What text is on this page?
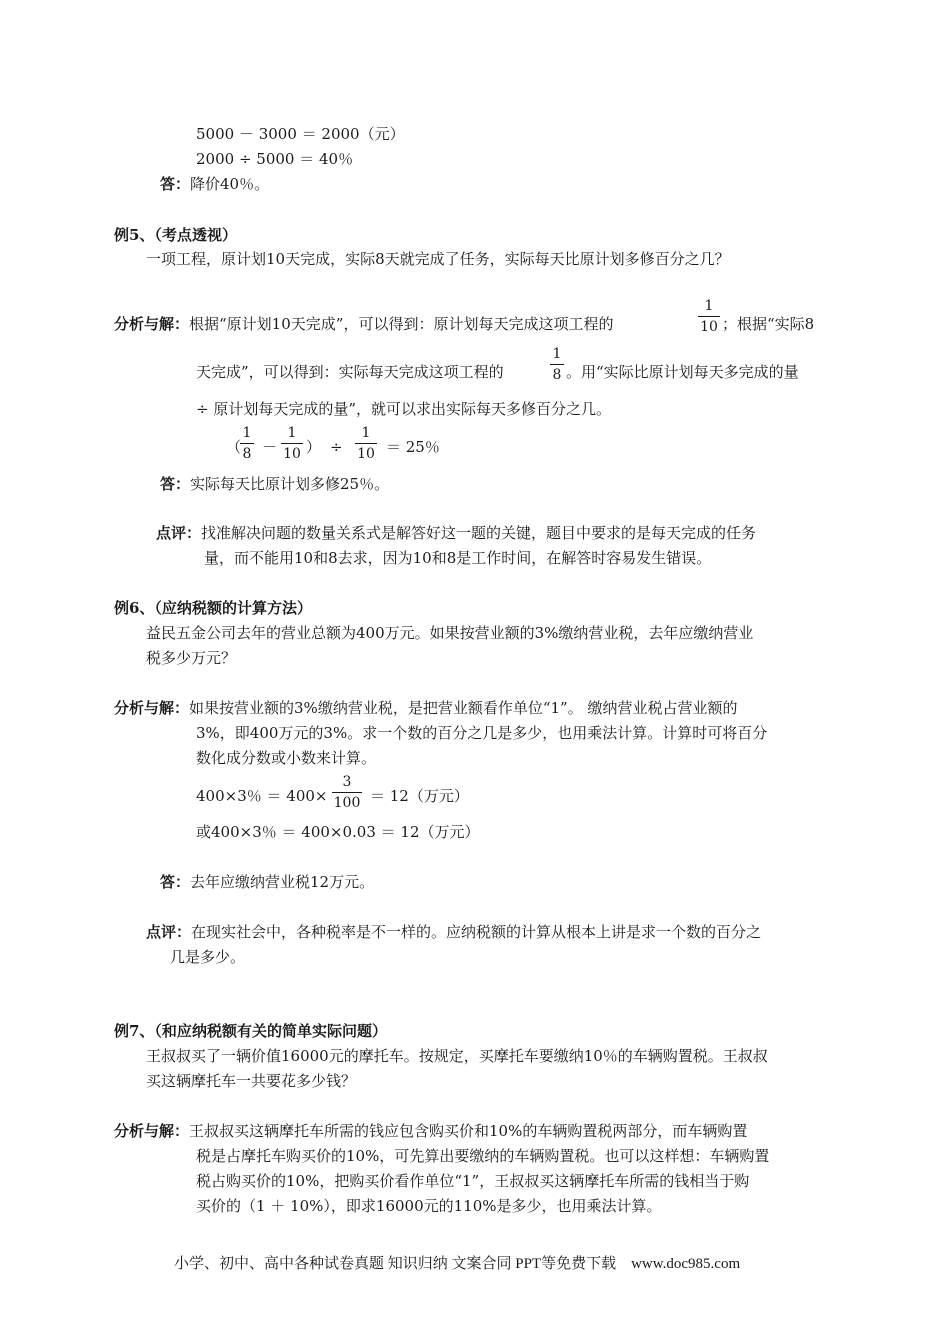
5000 － 3000 ＝ 2000（元）
2000 ÷ 5000 ＝ 40％
答：降价40％。
例5、（考点透视）
一项工程，原计划10天完成，实际8天就完成了任务，实际每天比原计划多修百分之几？
分析与解：根据“原计划10天完成”，可以得到：原计划每天完成这项工程的
1
10 ；根据“实际8
天完成”，可以得到：实际每天完成这项工程的
1
8 。用“实际比原计划每天多完成的量
÷ 原计划每天完成的量”，就可以求出实际每天多修百分之几。
（
1
8 －
1
10 ） ÷
1
10 ＝ 25％
答：实际每天比原计划多修25％。
点评：找准解决问题的数量关系式是解答好这一题的关键，题目中要求的是每天完成的任务
量，而不能用10和8去求，因为10和8是工作时间，在解答时容易发生错误。
例6、（应纳税额的计算方法）
益民五金公司去年的营业总额为400万元。如果按营业额的3%缴纳营业税，去年应缴纳营业
税多少万元？
分析与解：如果按营业额的3%缴纳营业税，是把营业额看作单位“1”。 缴纳营业税占营业额的
3%，即400万元的3%。求一个数的百分之几是多少，也用乘法计算。计算时可将百分
数化成分数或小数来计算。
400×3％ ＝ 400×
3
100 ＝ 12（万元）
或400×3％ ＝ 400×0.03 ＝ 12（万元）
答：去年应缴纳营业税12万元。
点评：在现实社会中，各种税率是不一样的。应纳税额的计算从根本上讲是求一个数的百分之
几是多少。
例7、（和应纳税额有关的简单实际问题）
王叔叔买了一辆价值16000元的摩托车。按规定，买摩托车要缴纳10％的车辆购置税。王叔叔
买这辆摩托车一共要花多少钱？
分析与解：王叔叔买这辆摩托车所需的钱应包含购买价和10%的车辆购置税两部分，而车辆购置
税是占摩托车购买价的10%，可先算出要缴纳的车辆购置税。也可以这样想：车辆购置
税占购买价的10%，把购买价看作单位“1”，王叔叔买这辆摩托车所需的钱相当于购
买价的（1 ＋ 10%），即求16000元的110%是多少，也用乘法计算。
小学、初中、高中各种试卷真题 知识归纳 文案合同 PPT等免费下载　www.doc985.com
